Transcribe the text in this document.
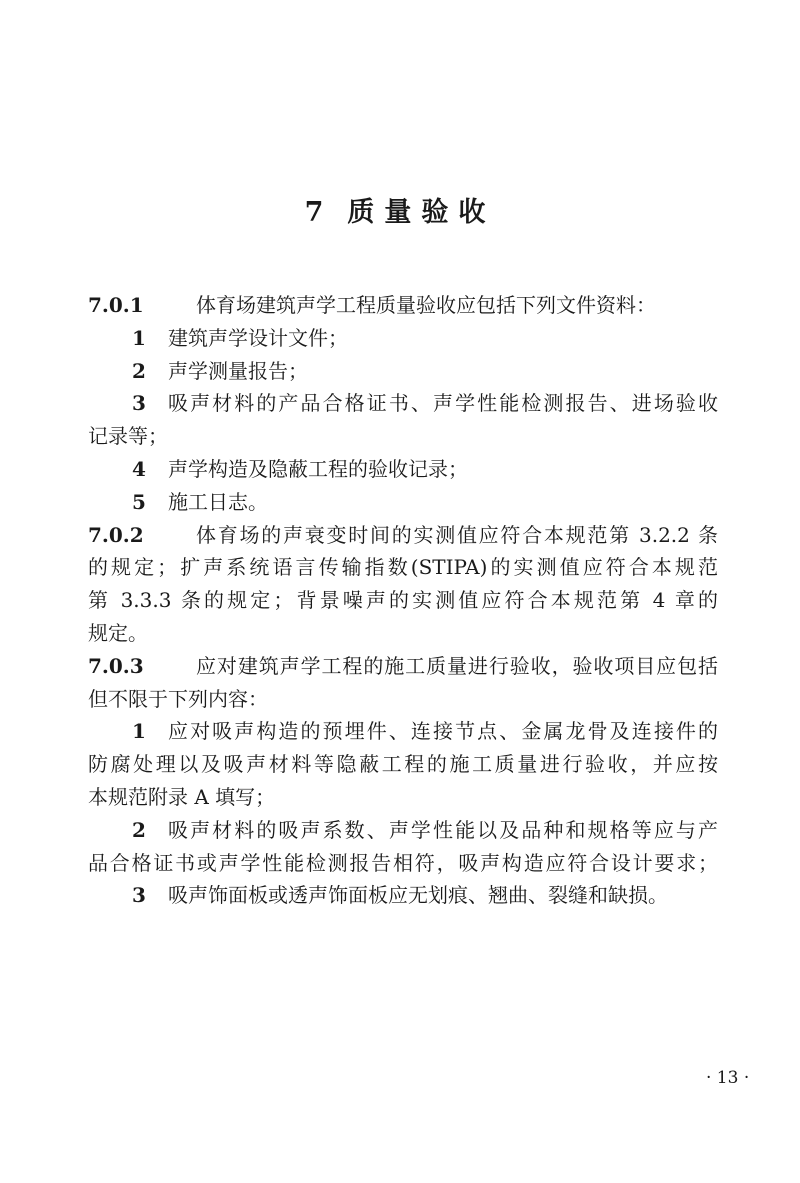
7 质量验收
7.0.1	体育场建筑声学工程质量验收应包括下列文件资料：
1 建筑声学设计文件；
2 声学测量报告；
3 吸声材料的产品合格证书、声学性能检测报告、进场验收
记录等；
4 声学构造及隐蔽工程的验收记录；
5 施工日志。
7.0.2	体育场的声衰变时间的实测值应符合本规范第 3.2.2 条
的规定；扩声系统语言传输指数(STIPA)的实测值应符合本规范
第 3.3.3 条的规定；背景噪声的实测值应符合本规范第 4 章的
规定。
7.0.3	应对建筑声学工程的施工质量进行验收，验收项目应包括
但不限于下列内容：
1 应对吸声构造的预埋件、连接节点、金属龙骨及连接件的
防腐处理以及吸声材料等隐蔽工程的施工质量进行验收，并应按
本规范附录 A 填写；
2 吸声材料的吸声系数、声学性能以及品种和规格等应与产
品合格证书或声学性能检测报告相符，吸声构造应符合设计要求；
3 吸声饰面板或透声饰面板应无划痕、翘曲、裂缝和缺损。
· 13 ·
